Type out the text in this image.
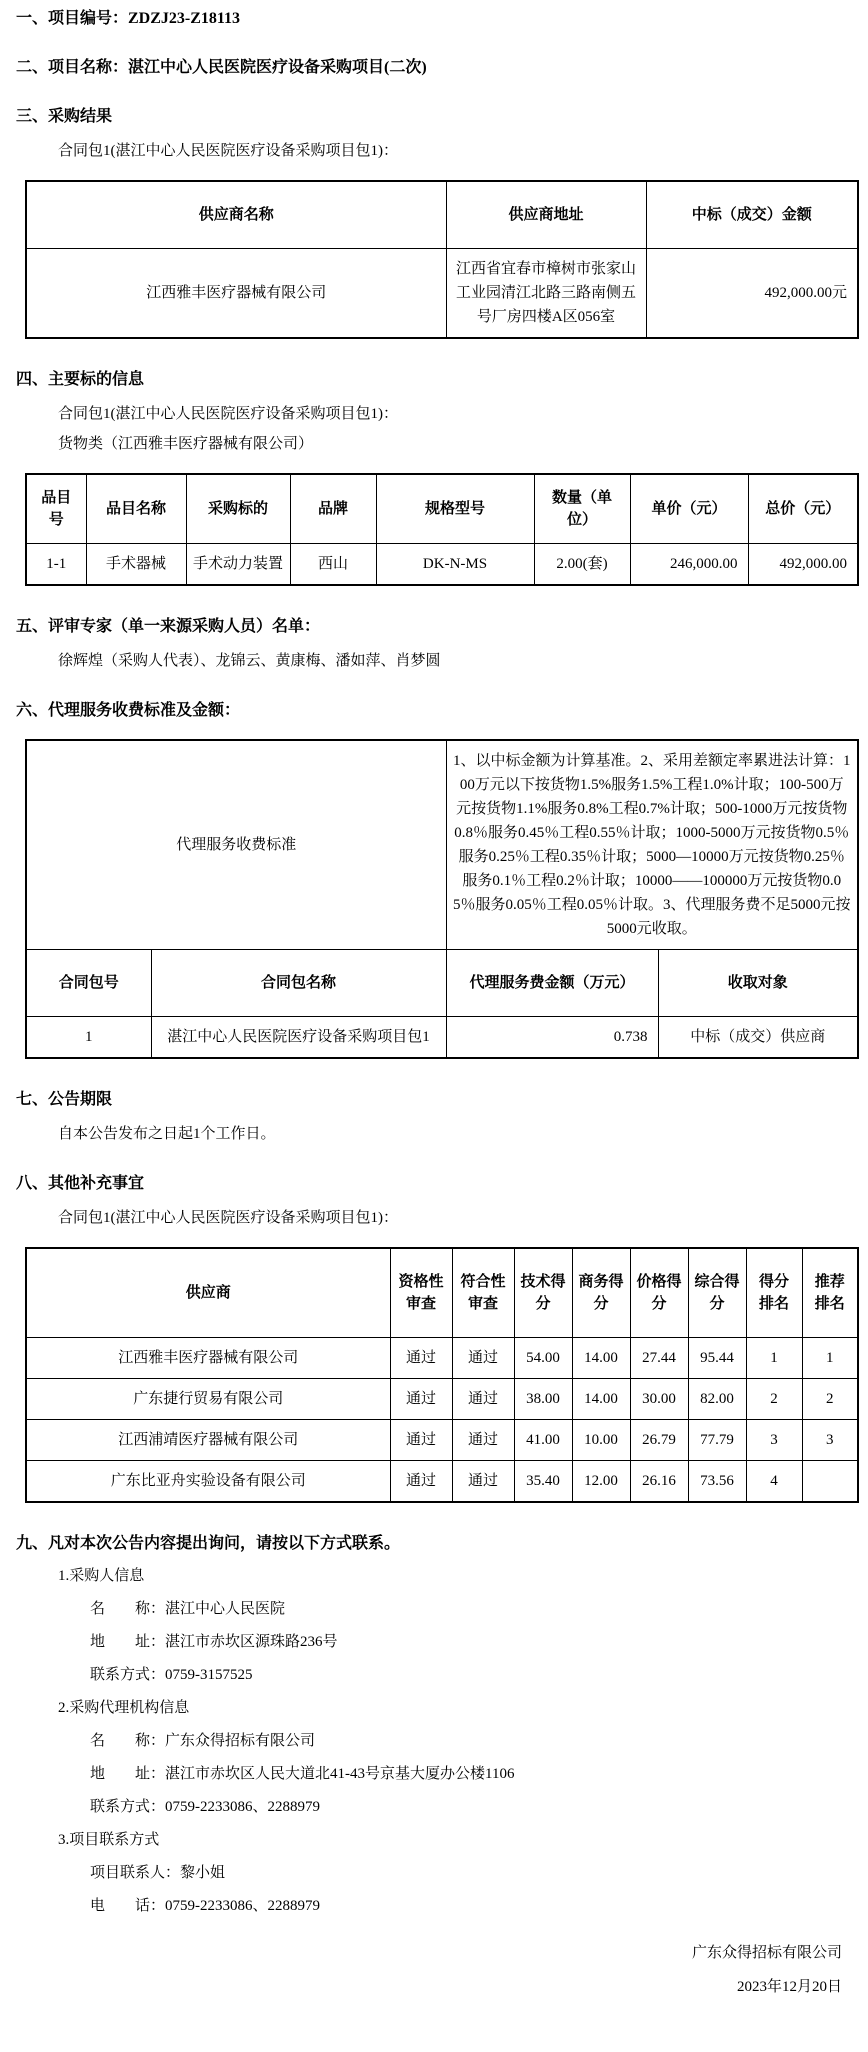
一、项目编号：ZDZJ23-Z18113
二、项目名称：湛江中心人民医院医疗设备采购项目(二次)
三、采购结果
合同包1(湛江中心人民医院医疗设备采购项目包1)：
供应商名称	供应商地址	中标（成交）金额
江西雅丰医疗器械有限公司	江西省宜春市樟树市张家山工业园清江北路三路南侧五号厂房四楼A区056室	492,000.00元
四、主要标的信息
合同包1(湛江中心人民医院医疗设备采购项目包1)：
货物类（江西雅丰医疗器械有限公司）
品目号	品目名称	采购标的	品牌	规格型号	数量（单位）	单价（元）	总价（元）
1-1	手术器械	手术动力装置	西山	DK-N-MS	2.00(套)	246,000.00	492,000.00
五、评审专家（单一来源采购人员）名单：
徐辉煌（采购人代表）、龙锦云、黄康梅、潘如萍、肖梦圆
六、代理服务收费标准及金额：
代理服务收费标准		1、以中标金额为计算基准。2、采用差额定率累进法计算：100万元以下按货物1.5%服务1.5%工程1.0%计取；100-500万元按货物1.1%服务0.8%工程0.7%计取；500-1000万元按货物0.8％服务0.45％工程0.55％计取；1000-5000万元按货物0.5％服务0.25％工程0.35％计取；5000—10000万元按货物0.25％服务0.1％工程0.2％计取；10000——100000万元按货物0.05％服务0.05％工程0.05％计取。3、代理服务费不足5000元按5000元收取。	
合同包号	合同包名称	代理服务费金额（万元）	收取对象
1	湛江中心人民医院医疗设备采购项目包1	0.738	中标（成交）供应商
七、公告期限
自本公告发布之日起1个工作日。
八、其他补充事宜
合同包1(湛江中心人民医院医疗设备采购项目包1)：
供应商	资格性审查	符合性审查	技术得分	商务得分	价格得分	综合得分	得分排名	推荐排名
江西雅丰医疗器械有限公司	通过	通过	54.00	14.00	27.44	95.44	1	1
广东捷行贸易有限公司	通过	通过	38.00	14.00	30.00	82.00	2	2
江西浦靖医疗器械有限公司	通过	通过	41.00	10.00	26.79	77.79	3	3
广东比亚舟实验设备有限公司	通过	通过	35.40	12.00	26.16	73.56	4	
九、凡对本次公告内容提出询问，请按以下方式联系。
1.采购人信息
名　　称：湛江中心人民医院
地　　址：湛江市赤坎区源珠路236号
联系方式：0759-3157525
2.采购代理机构信息
名　　称：广东众得招标有限公司
地　　址：湛江市赤坎区人民大道北41-43号京基大厦办公楼1106
联系方式：0759-2233086、2288979
3.项目联系方式
项目联系人：黎小姐
电　　话：0759-2233086、2288979
广东众得招标有限公司
2023年12月20日
